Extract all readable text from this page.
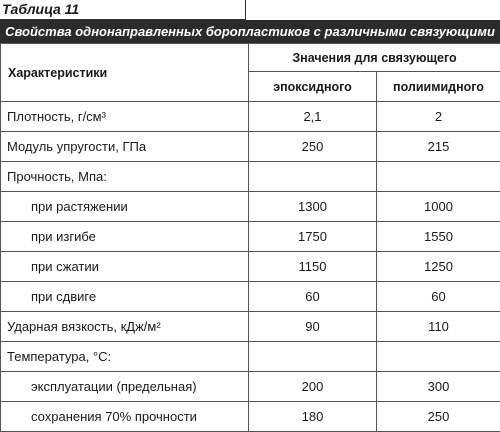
Таблица 11
Свойства однонаправленных боропластиков с различными связующими
Характеристики	Значения для связующего	
	эпоксидного	полиимидного
Плотность, г/см³	2,1	2
Модуль упругости, ГПа	250	215
Прочность, Мпа:		
при растяжении	1300	1000
при изгибе	1750	1550
при сжатии	1150	1250
при сдвиге	60	60
Ударная вязкость, кДж/м²	90	110
Температура, °С:		
эксплуатации (предельная)	200	300
сохранения 70% прочности	180	250
